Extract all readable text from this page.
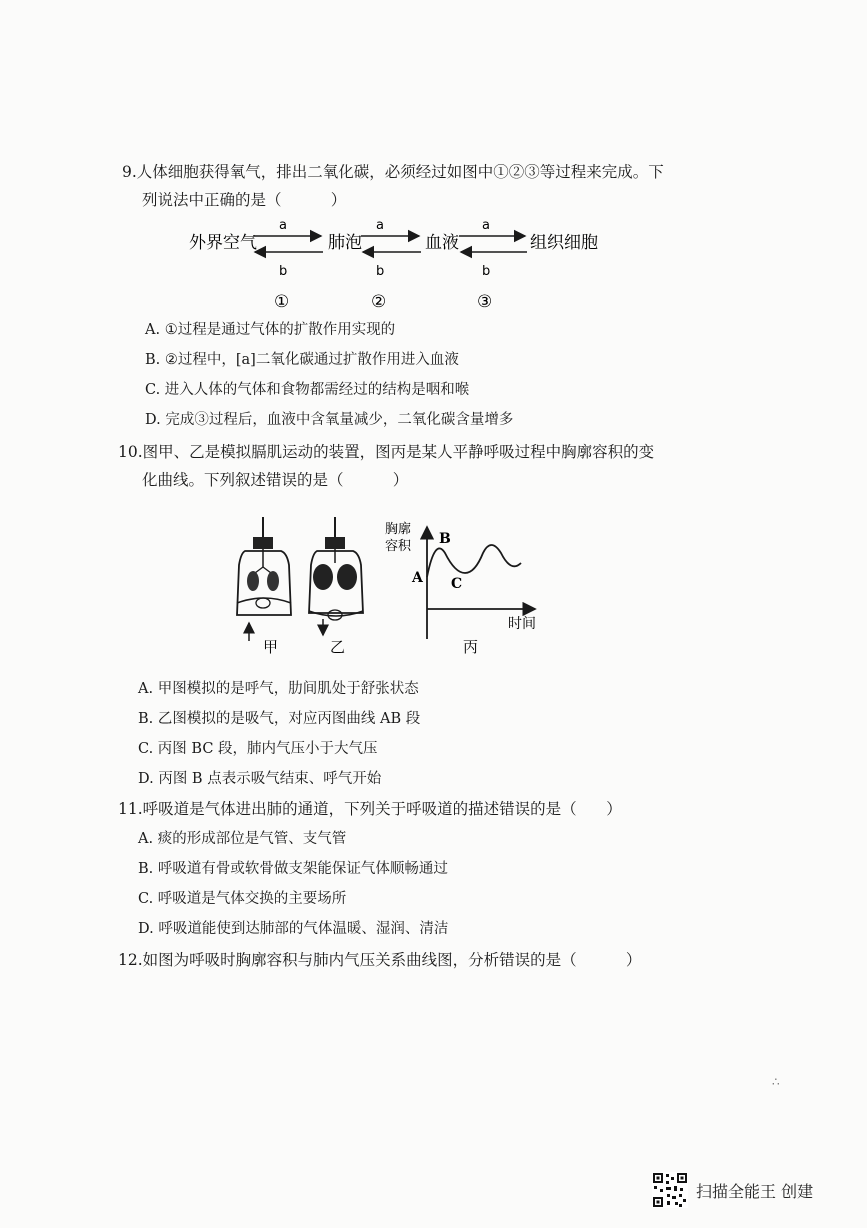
9.人体细胞获得氧气，排出二氧化碳，必须经过如图中①②③等过程来完成。下
列说法中正确的是（          ）
外界空气	肺泡	血液	组织细胞
a
b
①
a
b
②
a
b
③
A. ①过程是通过气体的扩散作用实现的
B. ②过程中，[a]二氧化碳通过扩散作用进入血液
C. 进入人体的气体和食物都需经过的结构是咽和喉
D. 完成③过程后，血液中含氧量减少，二氧化碳含量增多
10.图甲、乙是模拟膈肌运动的装置，图丙是某人平静呼吸过程中胸廓容积的变
化曲线。下列叙述错误的是（          ）
胸廓
容积 B
A C
时间
甲	乙	丙
A. 甲图模拟的是呼气，肋间肌处于舒张状态
B. 乙图模拟的是吸气，对应丙图曲线 AB 段
C. 丙图 BC 段，肺内气压小于大气压
D. 丙图 B 点表示吸气结束、呼气开始
11.呼吸道是气体进出肺的通道，下列关于呼吸道的描述错误的是（      ）
A. 痰的形成部位是气管、支气管
B. 呼吸道有骨或软骨做支架能保证气体顺畅通过
C. 呼吸道是气体交换的主要场所
D. 呼吸道能使到达肺部的气体温暖、湿润、清洁
12.如图为呼吸时胸廓容积与肺内气压关系曲线图，分析错误的是（          ）
∴
扫描全能王 创建
